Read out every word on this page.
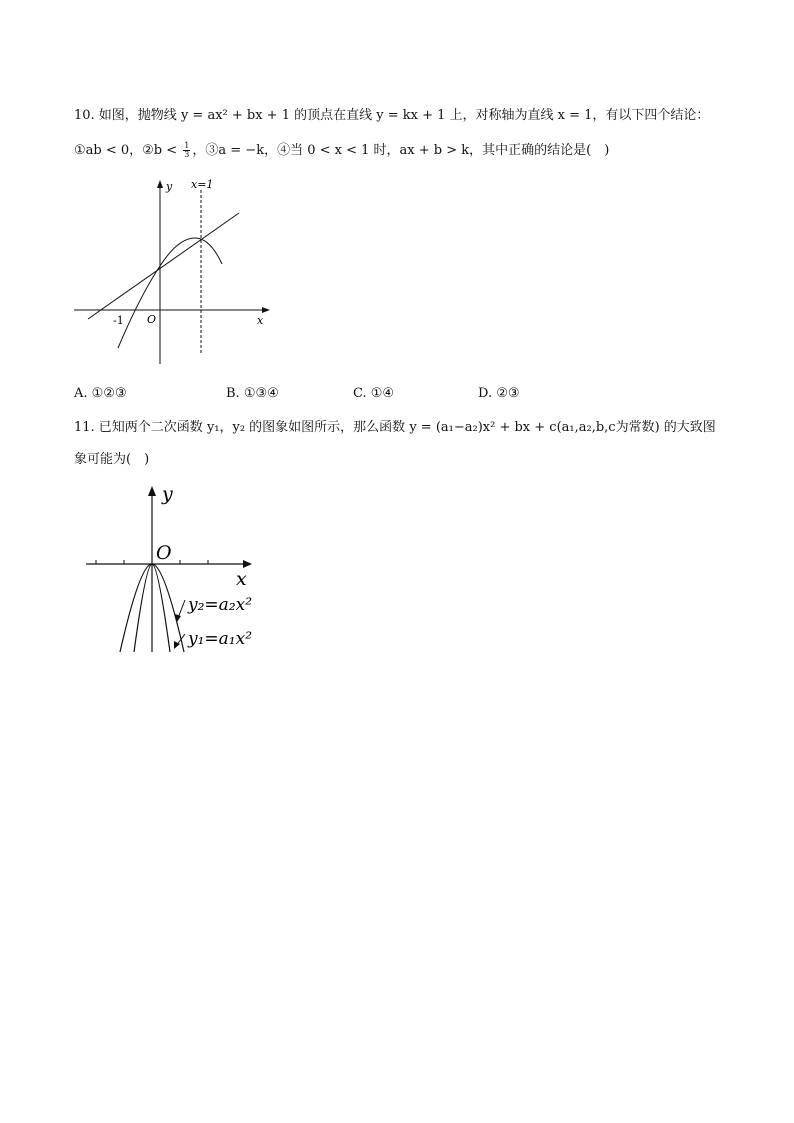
10. 如图，抛物线 y = ax² + bx + 1 的顶点在直线 y = kx + 1 上，对称轴为直线 x = 1，有以下四个结论：
①ab < 0，②b < $\frac{1}{3}$ ，③a = −k，④当 0 < x < 1 时，ax + b > k，其中正确的结论是(　)
y x=1
x
O
-1
A. ①②③	B. ①③④	C. ①④	D. ②③
11. 已知两个二次函数 y₁，y₂ 的图象如图所示，那么函数 y = (a₁−a₂)x² + bx + c(a₁,a₂,b,c为常数) 的大致图
象可能为(　)
y
O
x
y₂=a₂x²
y₁=a₁x²
